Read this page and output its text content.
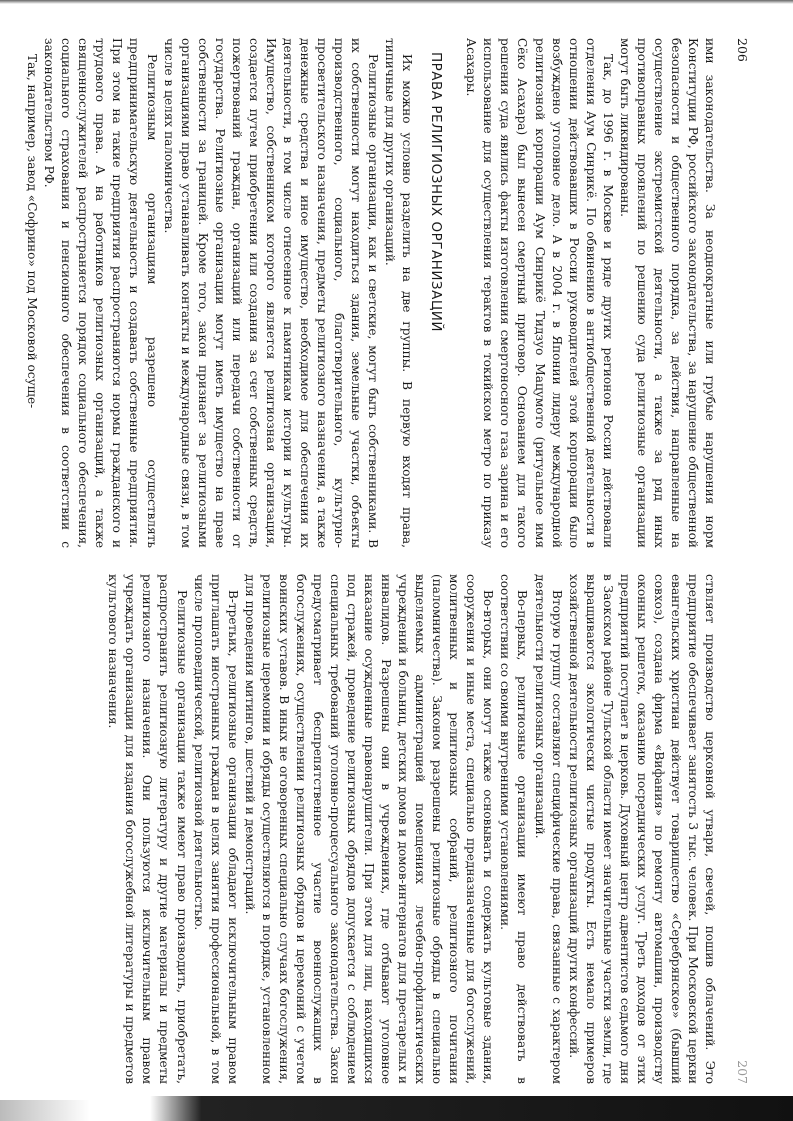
206

ими законодательства. За неоднократные или грубые нарушения норм Конституции РФ, российского законодательства, за нарушение общественной безопасности и общественного порядка, за действия, направленные на осуществление экстремистской деятельности, а также за ряд иных противоправных проявлений по решению суда религиозные организации могут быть ликвидированы.

Так, до 1996 г. в Москве и ряде других регионов России действовали отделения Аум Синрикё. По обвинению в антиобщественной деятельности в отношении действовавших в России руководителей этой корпорации было возбуждено уголовное дело. А в 2004 г. в Японии лидеру международной религиозной корпорации Аум Синрикё Тидзуо Мацумото (ритуальное имя Сёко Асахара) был вынесен смертный приговор. Основанием для такого решения суда явились факты изготовления смертоносного газа зарина и его использование для осуществления терактов в токийском метро по приказу Асахары.

ПРАВА РЕЛИГИОЗНЫХ ОРГАНИЗАЦИЙ

Их можно условно разделить на две группы. В первую входят права, типичные для других организаций.

Религиозные организации, как и светские, могут быть собственниками. В их собственности могут находиться здания, земельные участки, объекты производственного, социального, благотворительного, культурно-просветительского назначения, предметы религиозного назначения, а также денежные средства и иное имущество, необходимое для обеспечения их деятельности, в том числе отнесенное к памятникам истории и культуры. Имущество, собственником которого является религиозная организация, создается путем приобретения или создания за счет собственных средств, пожертвований граждан, организаций или передачи собственности от государства. Религиозные организации могут иметь имущество на праве собственности за границей. Кроме того, закон признает за религиозными организациями право устанавливать контакты и международные связи, в том числе в целях паломничества.

Религиозным организациям разрешено осуществлять предпринимательскую деятельность и создавать собственные предприятия. При этом на такие предприятия распространяются нормы гражданского и трудового права. А на работников религиозных организаций, а также священнослужителей распространяется порядок социального обеспечения, социального страхования и пенсионного обеспечения в соответствии с законодательством РФ.

Так, например, завод «Софрино» под Московой осуще-

207

ствляет производство церковной утвари, свечей, пошив облачений. Это предприятие обеспечивает занятость 3 тыс. человек. При Московской церкви евангельских христиан действует товарищество «Серебрянское» (бывший совхоз), создана фирма «Вифания» по ремонту автомашин, производству оконных решеток, оказанию посреднических услуг. Треть доходов от этих предприятий поступает в церковь. Духовный центр адвентистов седьмого дня в Заокском районе Тульской области имеет значительные участки земли, где выращиваются экологически чистые продукты. Есть немало примеров хозяйственной деятельности религиозных организаций других конфессий.

Вторую группу составляют специфические права, связанные с характером деятельности религиозных организаций.

Во-первых, религиозные организации имеют право действовать в соответствии со своими внутренними установлениями.

Во-вторых, они могут также основывать и содержать культовые здания, сооружения и иные места, специально предназначенные для богослужений, молитвенных и религиозных собраний, религиозного почитания (паломничества). Законом разрешены религиозные обряды в специально выделяемых администрацией помещениях лечебно-профилактических учреждений и больниц, детских домов и домов-интернатов для престарелых и инвалидов. Разрешены они в учреждениях, где отбывают уголовное наказание осужденные правонарушители. При этом для лиц, находящихся под стражей, проведение религиозных обрядов допускается с соблюдением специальных требований уголовно-процессуального законодательства. Закон предусматривает беспрепятственное участие военнослужащих в богослужениях, осуществлении религиозных обрядов и церемоний с учетом воинских уставов. В иных не оговоренных специально случаях богослужения, религиозные церемонии и обряды осуществляются в порядке, установленном для проведения митингов, шествий и демонстраций.

В-третьих, религиозные организации обладают исключительным правом приглашать иностранных граждан в целях занятия профессиональной, в том числе проповеднической, религиозной деятельностью.

Религиозные организации также имеют право производить, приобретать, распространять религиозную литературу и другие материалы и предметы религиозного назначения. Они пользуются исключительным правом учреждать организации для издания богослужебной литературы и предметов культового назначения.
